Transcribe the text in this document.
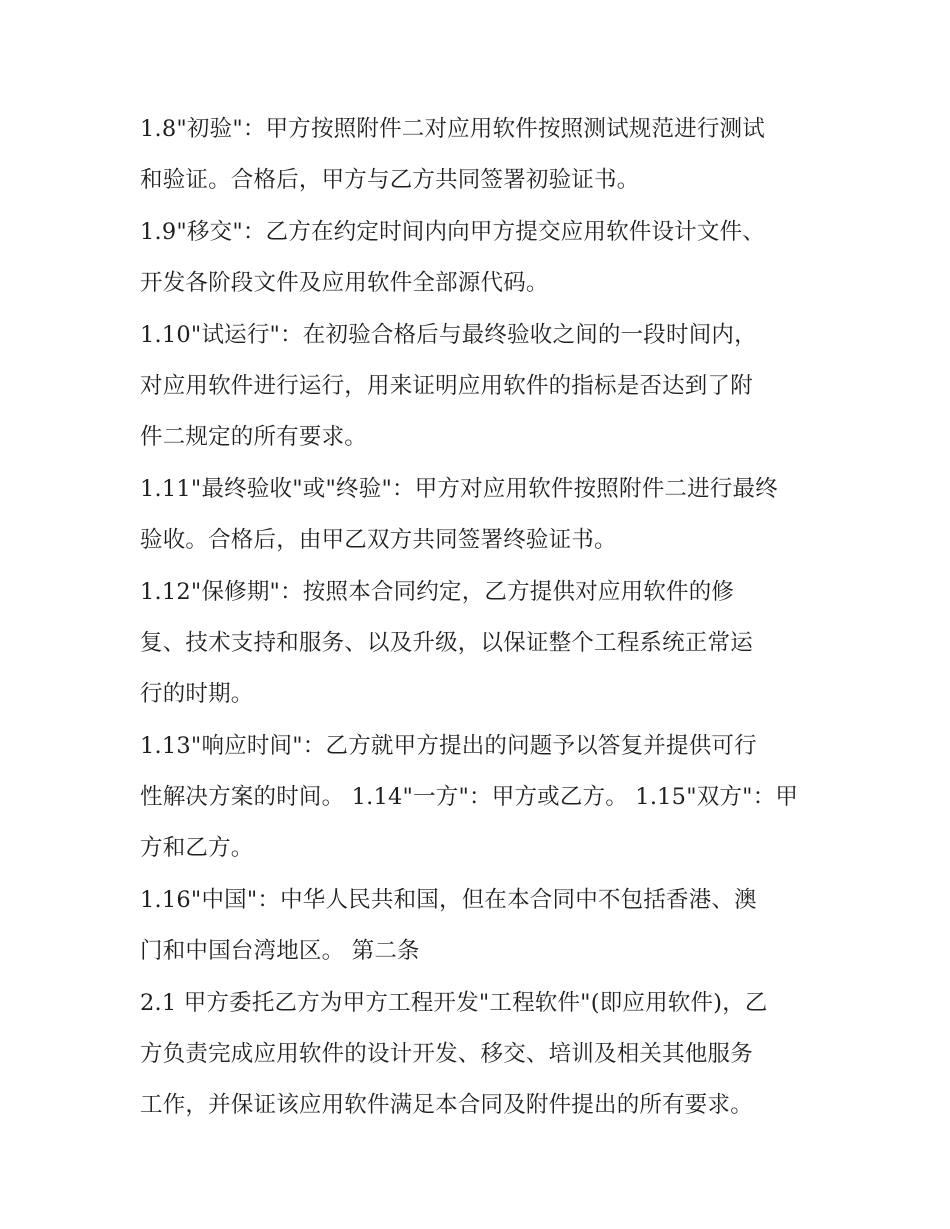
1.8"初验"：甲方按照附件二对应用软件按照测试规范进行测试
和验证。合格后，甲方与乙方共同签署初验证书。
1.9"移交"：乙方在约定时间内向甲方提交应用软件设计文件、
开发各阶段文件及应用软件全部源代码。
1.10"试运行"：在初验合格后与最终验收之间的一段时间内，
对应用软件进行运行，用来证明应用软件的指标是否达到了附
件二规定的所有要求。
1.11"最终验收"或"终验"：甲方对应用软件按照附件二进行最终
验收。合格后，由甲乙双方共同签署终验证书。
1.12"保修期"：按照本合同约定，乙方提供对应用软件的修
复、技术支持和服务、以及升级，以保证整个工程系统正常运
行的时期。
1.13"响应时间"：乙方就甲方提出的问题予以答复并提供可行
性解决方案的时间。 1.14"一方"：甲方或乙方。 1.15"双方"：甲
方和乙方。
1.16"中国"：中华人民共和国，但在本合同中不包括香港、澳
门和中国台湾地区。 第二条
2.1 甲方委托乙方为甲方工程开发"工程软件"(即应用软件)，乙
方负责完成应用软件的设计开发、移交、培训及相关其他服务
工作，并保证该应用软件满足本合同及附件提出的所有要求。
